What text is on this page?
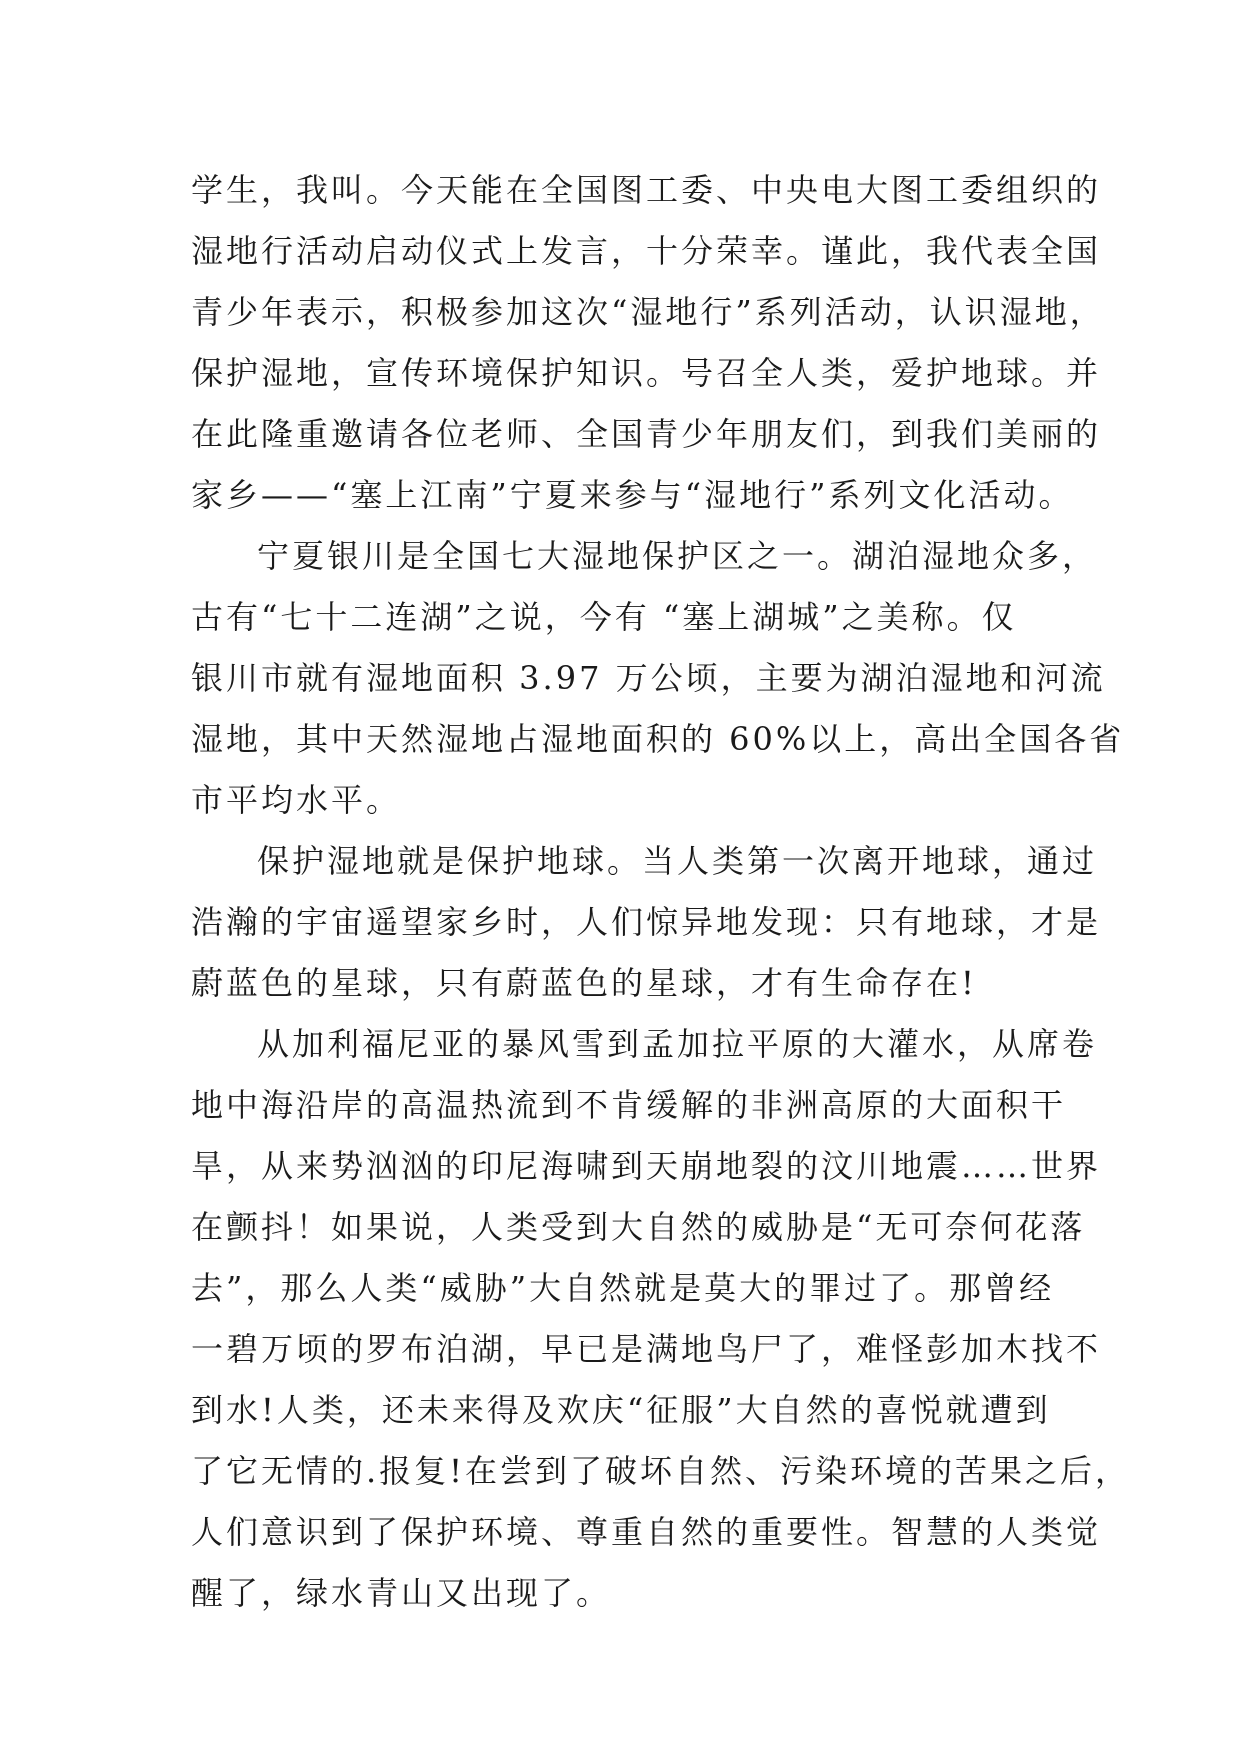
学生，我叫。今天能在全国图工委、中央电大图工委组织的
湿地行活动启动仪式上发言，十分荣幸。谨此，我代表全国
青少年表示，积极参加这次“湿地行”系列活动，认识湿地，
保护湿地，宣传环境保护知识。号召全人类，爱护地球。并
在此隆重邀请各位老师、全国青少年朋友们，到我们美丽的
家乡——“塞上江南”宁夏来参与“湿地行”系列文化活动。
宁夏银川是全国七大湿地保护区之一。湖泊湿地众多，
古有“七十二连湖”之说，今有 “塞上湖城”之美称。仅
银川市就有湿地面积 3.97 万公顷，主要为湖泊湿地和河流
湿地，其中天然湿地占湿地面积的 60%以上，高出全国各省
市平均水平。
保护湿地就是保护地球。当人类第一次离开地球，通过
浩瀚的宇宙遥望家乡时，人们惊异地发现：只有地球，才是
蔚蓝色的星球，只有蔚蓝色的星球，才有生命存在!
从加利福尼亚的暴风雪到孟加拉平原的大灌水，从席卷
地中海沿岸的高温热流到不肯缓解的非洲高原的大面积干
旱，从来势汹汹的印尼海啸到天崩地裂的汶川地震……世界
在颤抖！如果说，人类受到大自然的威胁是“无可奈何花落
去”，那么人类“威胁”大自然就是莫大的罪过了。那曾经
一碧万顷的罗布泊湖，早已是满地鸟尸了，难怪彭加木找不
到水!人类，还未来得及欢庆“征服”大自然的喜悦就遭到
了它无情的.报复!在尝到了破坏自然、污染环境的苦果之后，
人们意识到了保护环境、尊重自然的重要性。智慧的人类觉
醒了，绿水青山又出现了。
